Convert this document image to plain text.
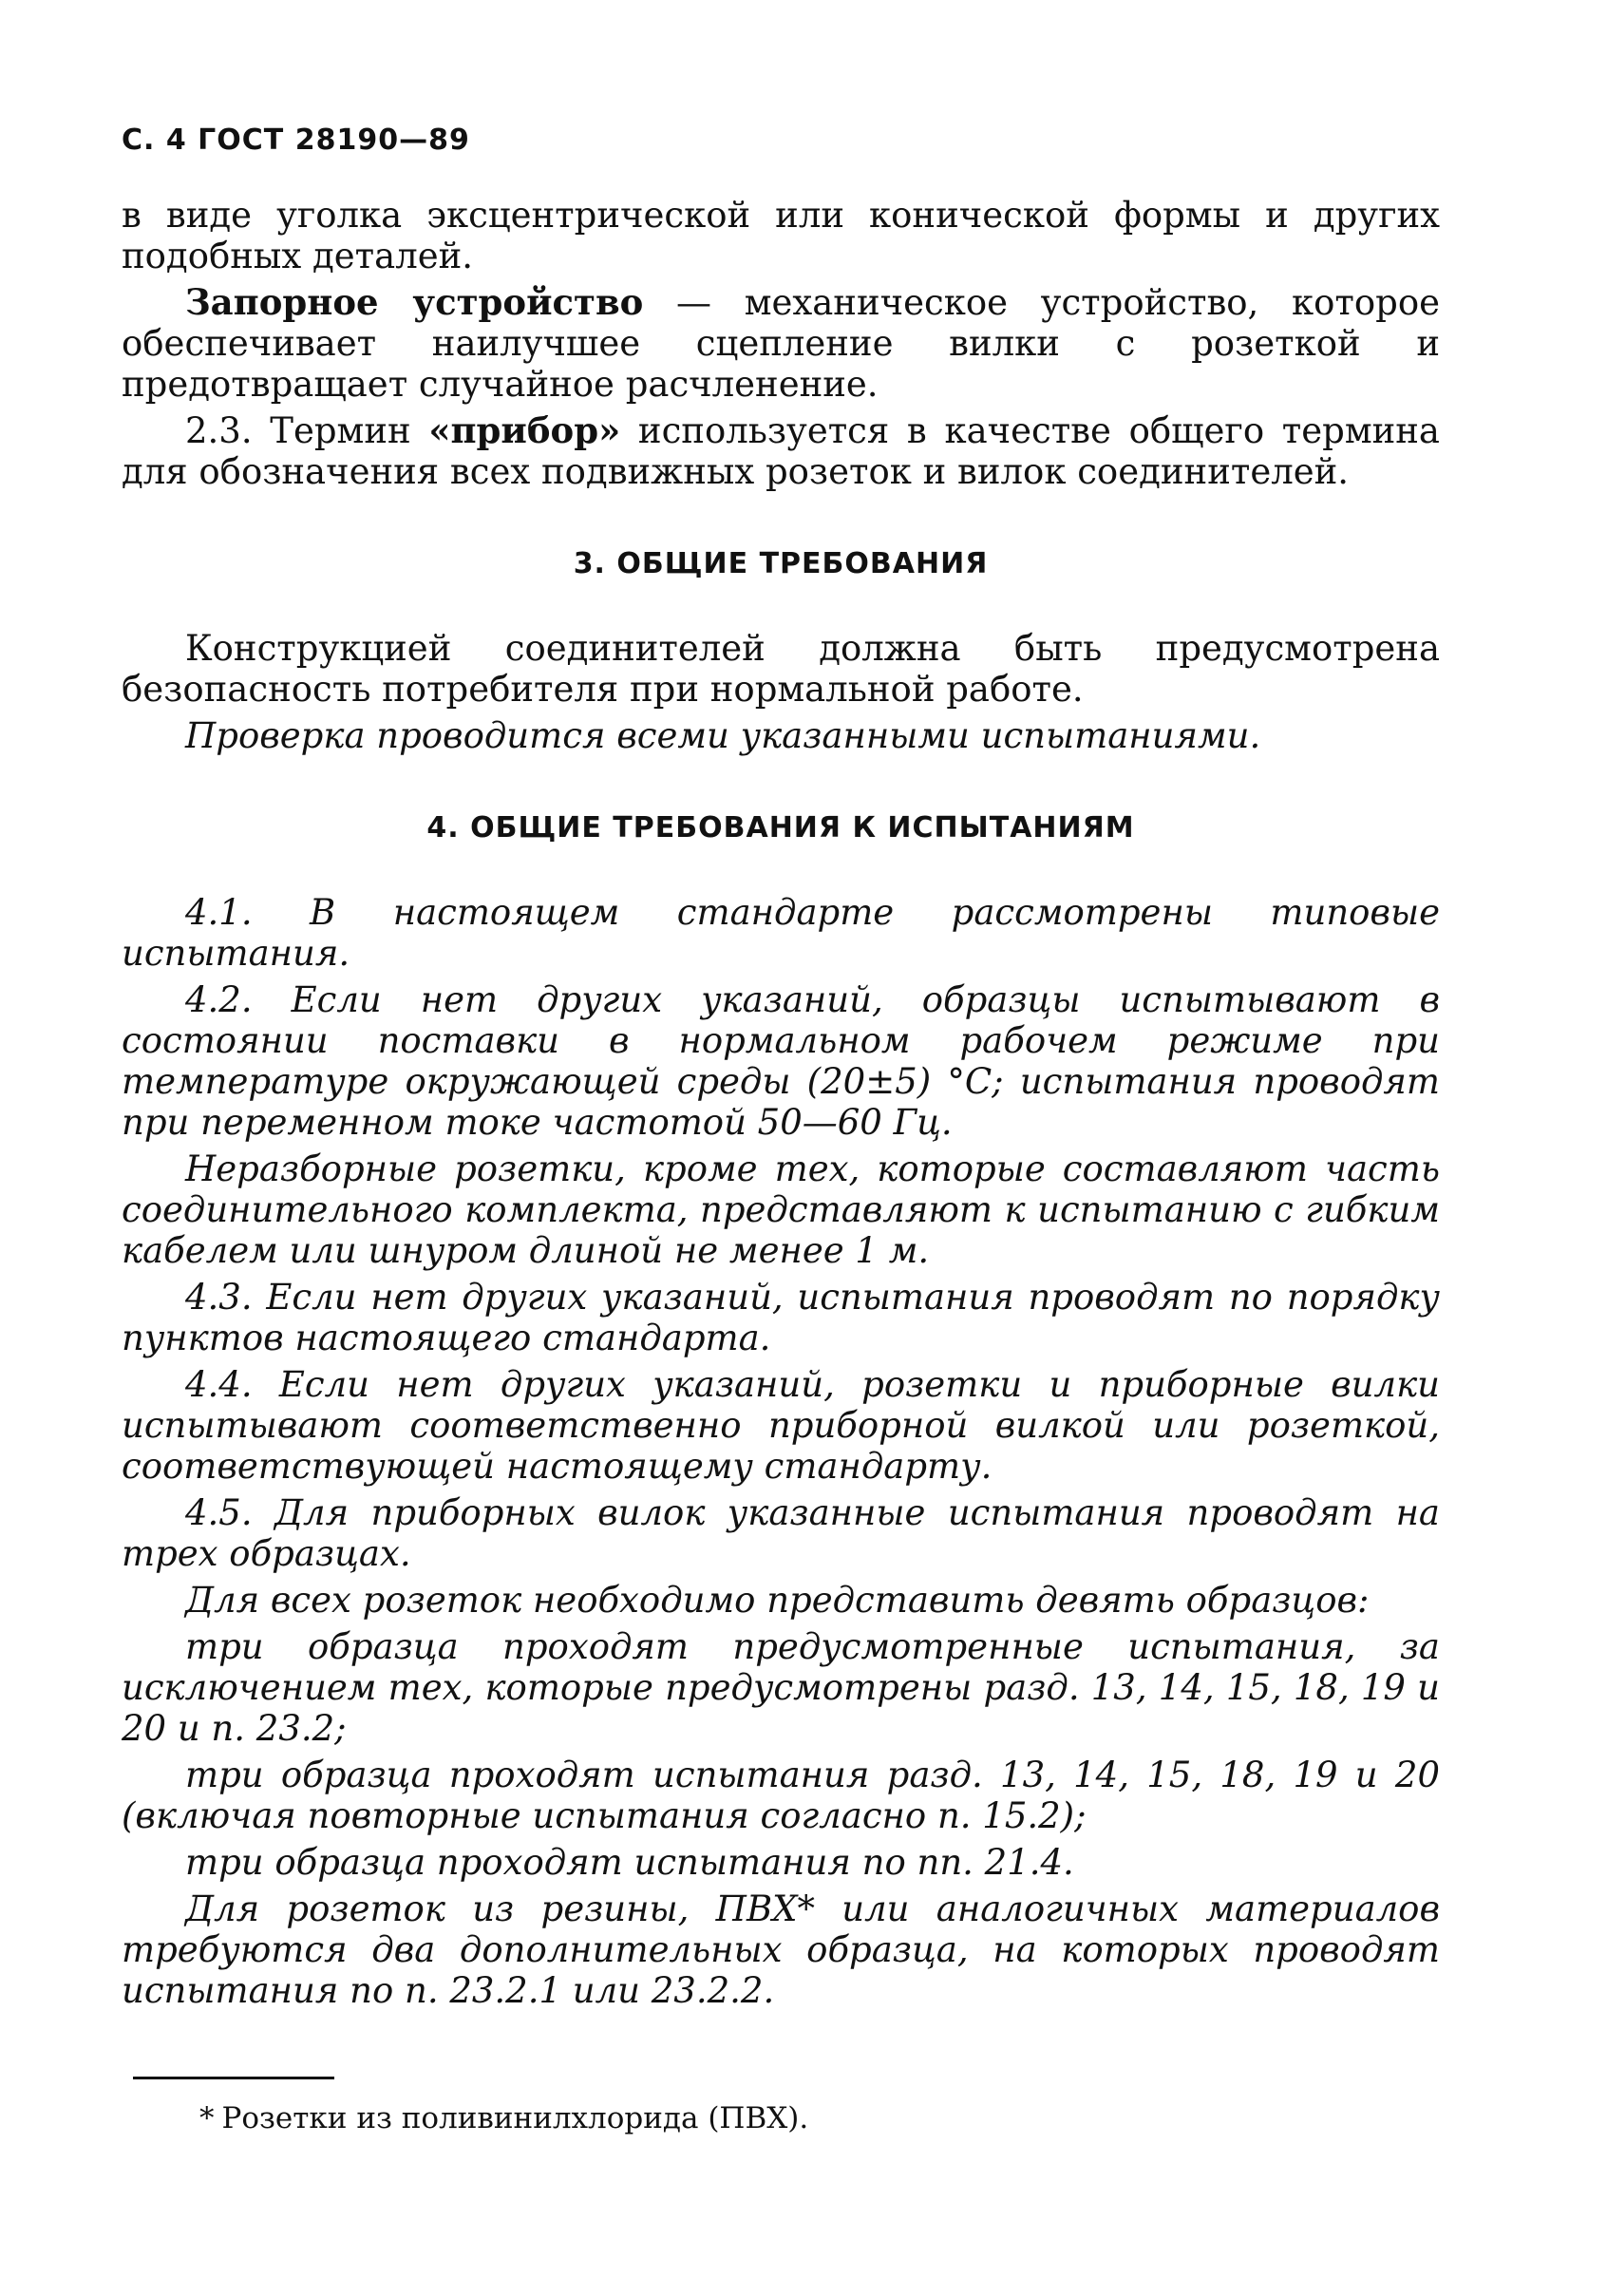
С. 4 ГОСТ 28190—89

в виде уголка эксцентрической или конической формы и других подобных деталей.

Запорное устройство — механическое устройство, которое обеспечивает наилучшее сцепление вилки с розеткой и предотвращает случайное расчленение.

2.3. Термин «прибор» используется в качестве общего термина для обозначения всех подвижных розеток и вилок соединителей.

3. ОБЩИЕ ТРЕБОВАНИЯ

Конструкцией соединителей должна быть предусмотрена безопасность потребителя при нормальной работе.

Проверка проводится всеми указанными испытаниями.

4. ОБЩИЕ ТРЕБОВАНИЯ К ИСПЫТАНИЯМ

4.1. В настоящем стандарте рассмотрены типовые испытания.

4.2. Если нет других указаний, образцы испытывают в состоянии поставки в нормальном рабочем режиме при температуре окружающей среды (20±5) °С; испытания проводят при переменном токе частотой 50—60 Гц.

Неразборные розетки, кроме тех, которые составляют часть соединительного комплекта, представляют к испытанию с гибким кабелем или шнуром длиной не менее 1 м.

4.3. Если нет других указаний, испытания проводят по порядку пунктов настоящего стандарта.

4.4. Если нет других указаний, розетки и приборные вилки испытывают соответственно приборной вилкой или розеткой, соответствующей настоящему стандарту.

4.5. Для приборных вилок указанные испытания проводят на трех образцах.

Для всех розеток необходимо представить девять образцов:

три образца проходят предусмотренные испытания, за исключением тех, которые предусмотрены разд. 13, 14, 15, 18, 19 и 20 и п. 23.2;

три образца проходят испытания разд. 13, 14, 15, 18, 19 и 20 (включая повторные испытания согласно п. 15.2);

три образца проходят испытания по пп. 21.4.

Для розеток из резины, ПВХ* или аналогичных материалов требуются два дополнительных образца, на которых проводят испытания по п. 23.2.1 или 23.2.2.

* Розетки из поливинилхлорида (ПВХ).
